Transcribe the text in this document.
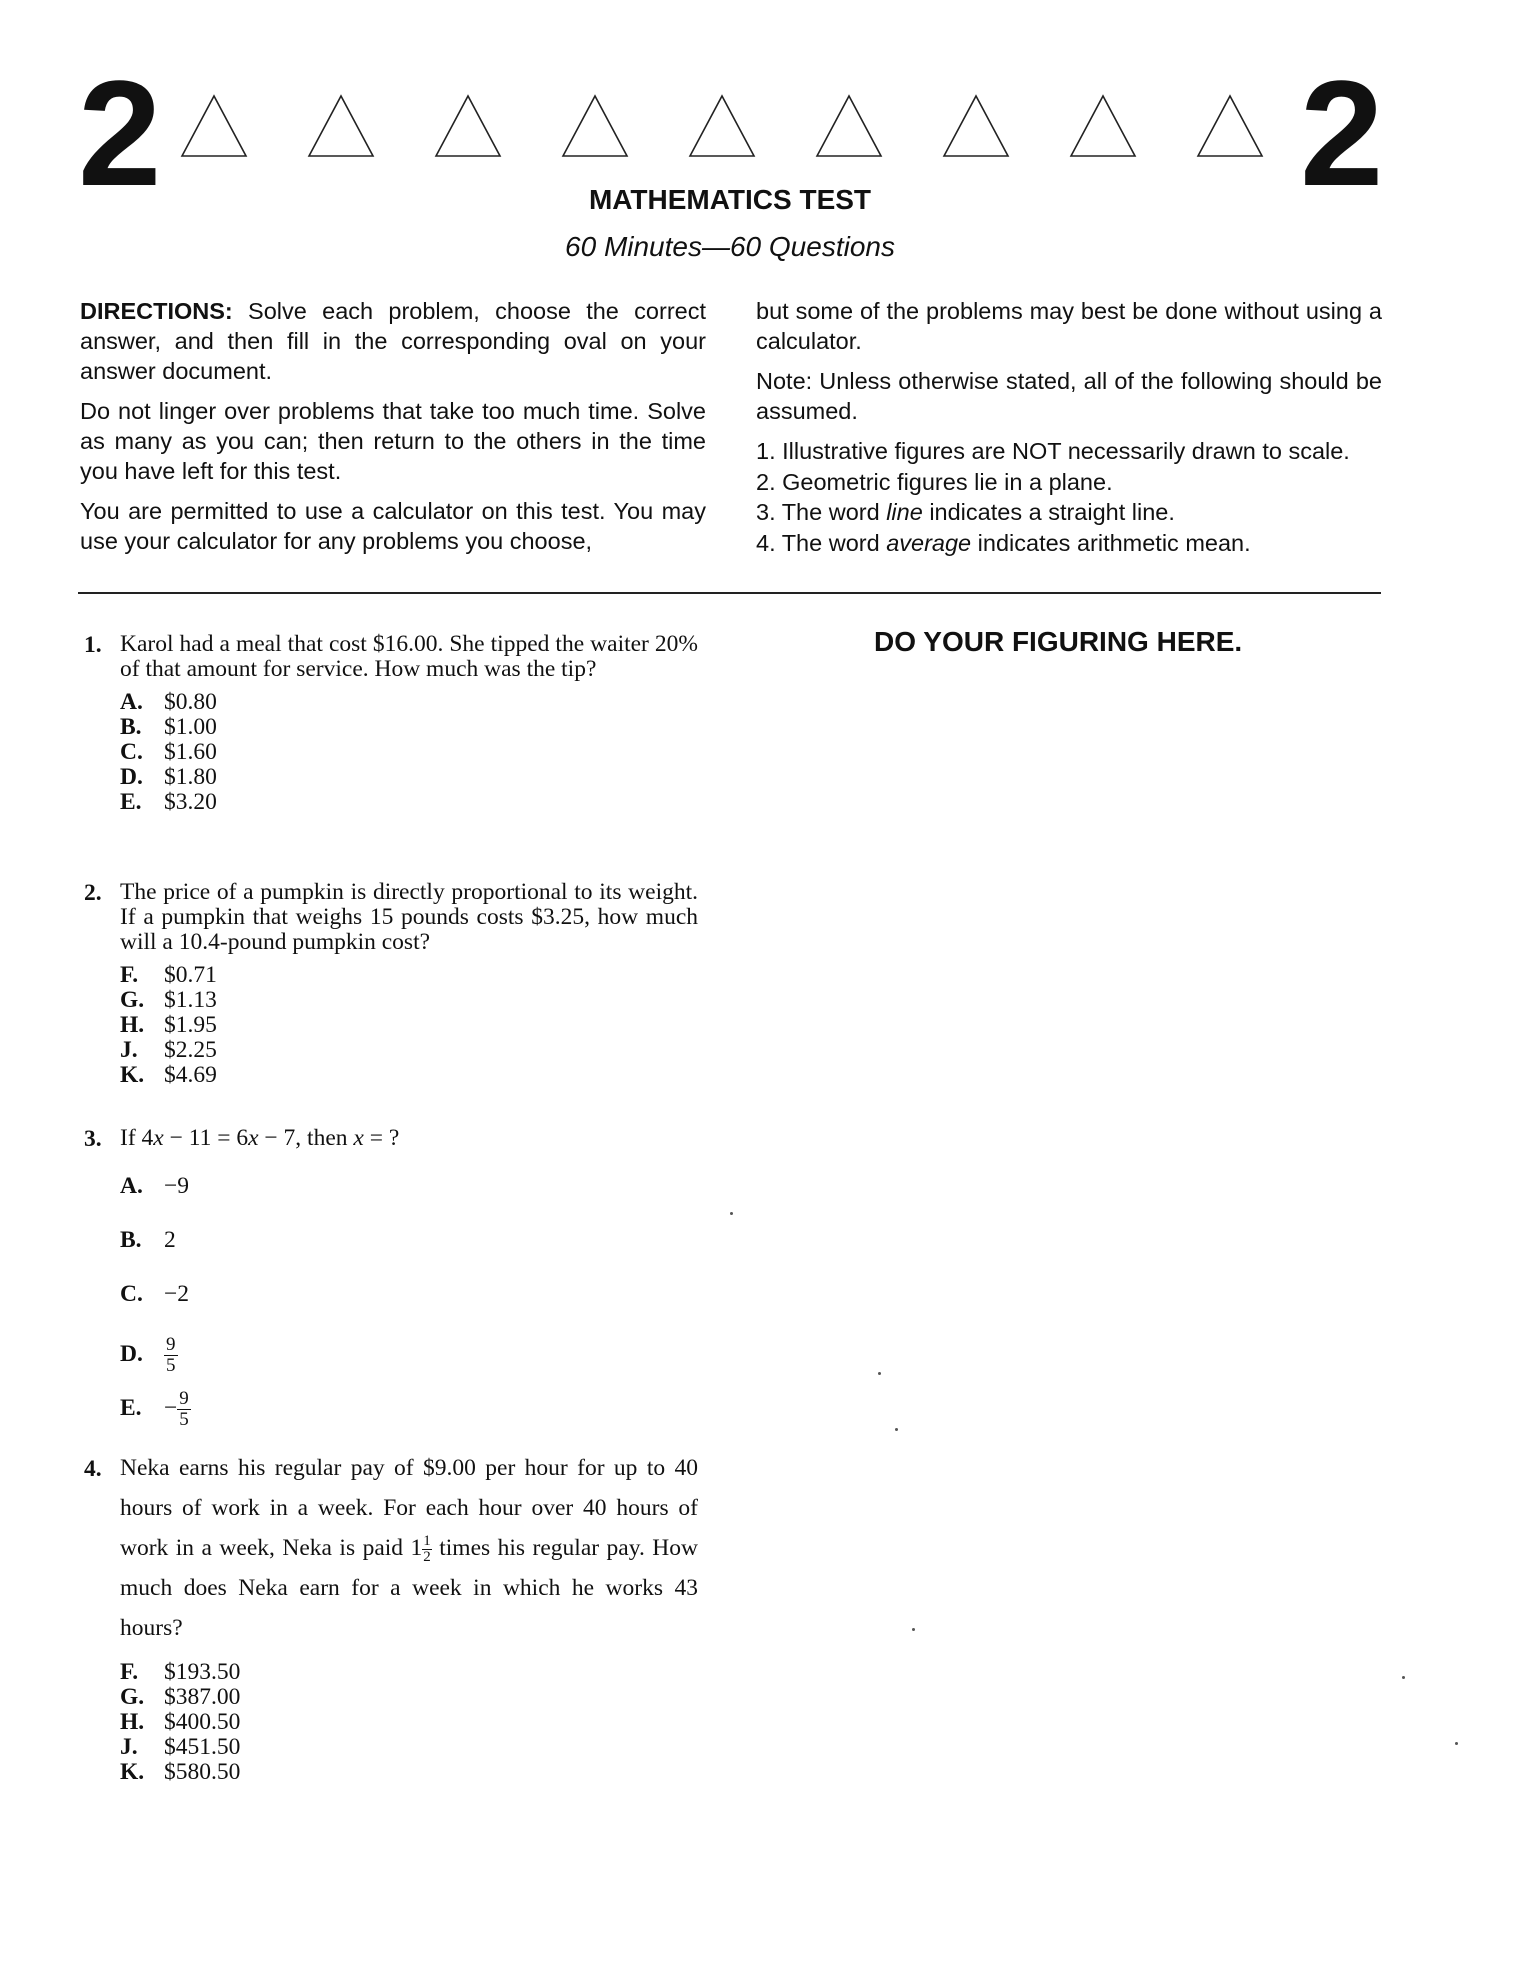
2	2
MATHEMATICS TEST
60 Minutes—60 Questions

DIRECTIONS: Solve each problem, choose the correct answer, and then fill in the corresponding oval on your answer document.

Do not linger over problems that take too much time. Solve as many as you can; then return to the others in the time you have left for this test.

You are permitted to use a calculator on this test. You may use your calculator for any problems you choose,

but some of the problems may best be done without using a calculator.

Note: Unless otherwise stated, all of the following should be assumed.

1. Illustrative figures are NOT necessarily drawn to scale.
2. Geometric figures lie in a plane.
3. The word line indicates a straight line.
4. The word average indicates arithmetic mean.
DO YOUR FIGURING HERE.
1. Karol had a meal that cost $16.00. She tipped the waiter 20% of that amount for service. How much was the tip?
A. $0.80
B. $1.00
C. $1.60
D. $1.80
E. $3.20
2. The price of a pumpkin is directly proportional to its weight. If a pumpkin that weighs 15 pounds costs $3.25, how much will a 10.4-pound pumpkin cost?
F. $0.71
G. $1.13
H. $1.95
J. $2.25
K. $4.69
3. If 4x − 11 = 6x − 7, then x = ?
A. −9
B. 2
C. −2
D. $\frac{9}{5}$
E. − $\frac{9}{5}$
4. Neka earns his regular pay of $9.00 per hour for up to 40 hours of work in a week. For each hour over 40 hours of work in a week, Neka is paid $1 \frac{1}{2}$ times his regular pay. How much does Neka earn for a week in which he works 43 hours?
F. $193.50
G. $387.00
H. $400.50
J. $451.50
K. $580.50
